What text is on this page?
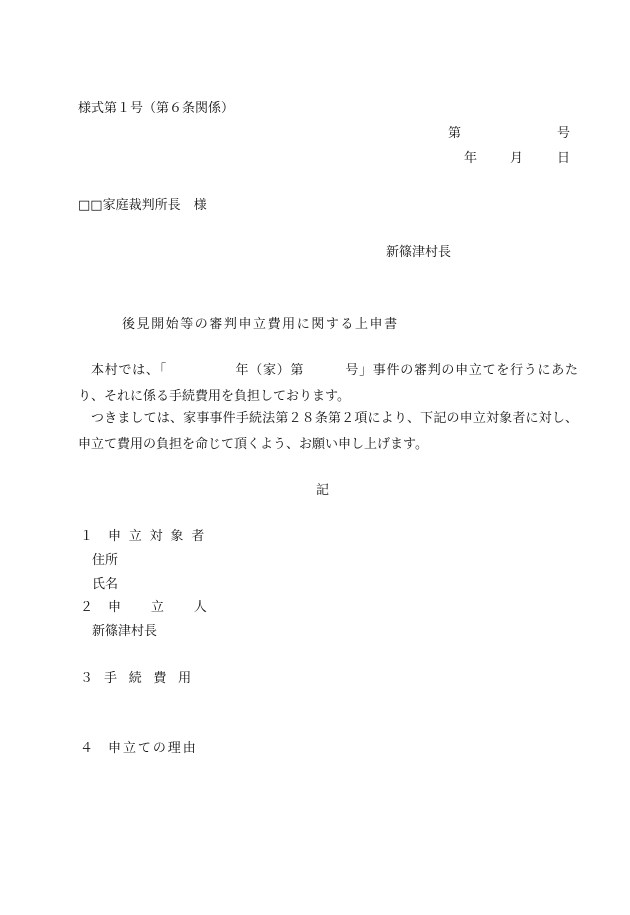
様式第１号（第６条関係）
第	号
年	月	日
□□家庭裁判所長　様
新篠津村長
後見開始等の審判申立費用に関する上申書
本村では、「　　　　　年（家）第　　　号」事件の審判の申立てを行うにあたり、それに係る手続費用を負担しております。
つきましては、家事事件手続法第２８条第２項により、下記の申立対象者に対し、申立て費用の負担を命じて頂くよう、お願い申し上げます。
記
１ 申立対象者
住所
氏名
２ 申立人
新篠津村長
３ 手続費用
４ 申立ての理由
